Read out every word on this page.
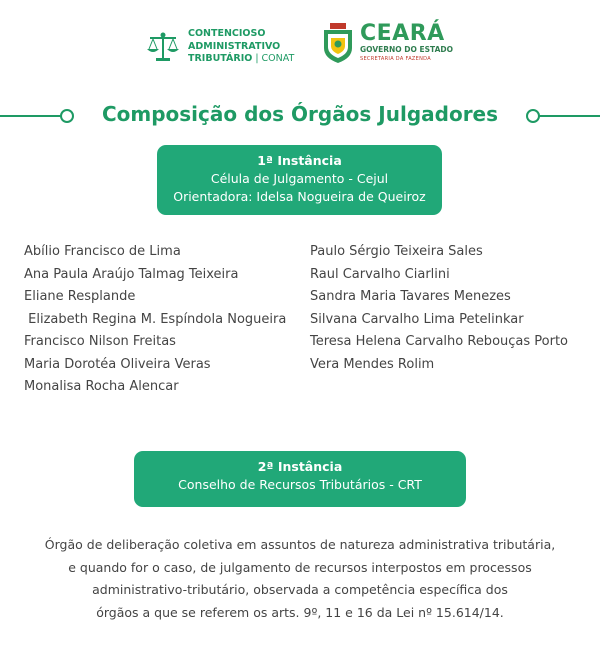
CONTENCIOSO
ADMINISTRATIVO
TRIBUTÁRIO | CONAT
CEARÁ
GOVERNO DO ESTADO
SECRETARIA DA FAZENDA
Composição dos Órgãos Julgadores
1ª Instância
Célula de Julgamento - Cejul
Orientadora: Idelsa Nogueira de Queiroz
Abílio Francisco de Lima
Ana Paula Araújo Talmag Teixeira
Eliane Resplande
Elizabeth Regina M. Espíndola Nogueira
Francisco Nilson Freitas
Maria Dorotéa Oliveira Veras
Monalisa Rocha Alencar
Paulo Sérgio Teixeira Sales
Raul Carvalho Ciarlini
Sandra Maria Tavares Menezes
Silvana Carvalho Lima Petelinkar
Teresa Helena Carvalho Rebouças Porto
Vera Mendes Rolim
2ª Instância
Conselho de Recursos Tributários - CRT
Órgão de deliberação coletiva em assuntos de natureza administrativa tributária,
e quando for o caso, de julgamento de recursos interpostos em processos
administrativo-tributário, observada a competência específica dos
órgãos a que se referem os arts. 9º, 11 e 16 da Lei nº 15.614/14.
